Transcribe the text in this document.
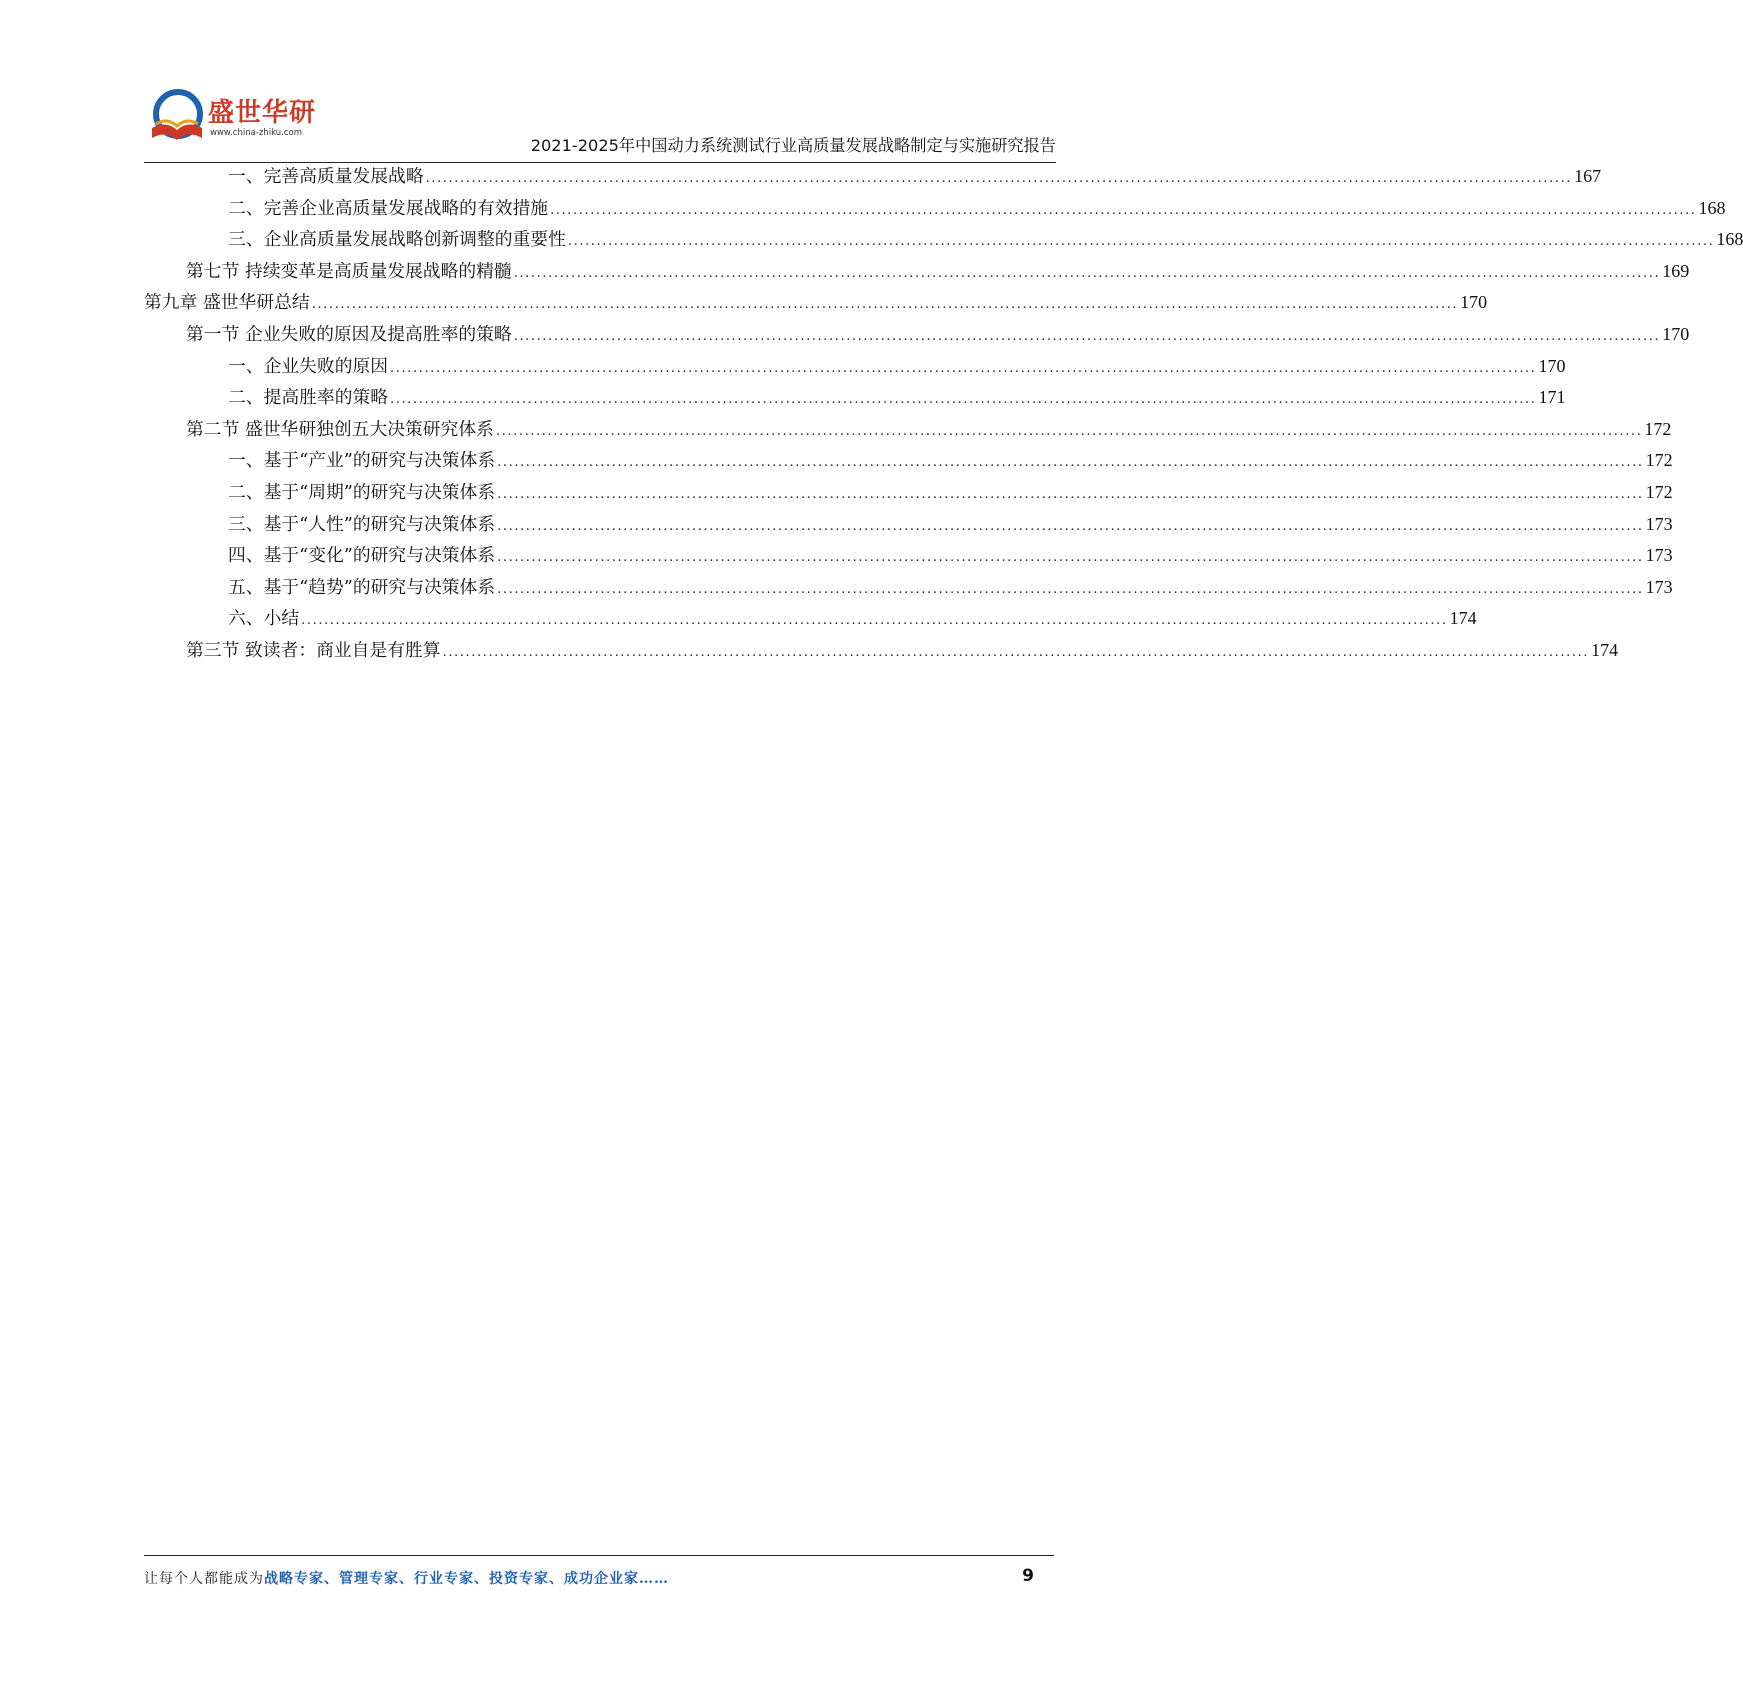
盛世华研
www.china-zhiku.com
2021-2025年中国动力系统测试行业高质量发展战略制定与实施研究报告
一、完善高质量发展战略 ........................................................................................................................................................................................................ 167
二、完善企业高质量发展战略的有效措施 ........................................................................................................................................................................................................ 168
三、企业高质量发展战略创新调整的重要性 ........................................................................................................................................................................................................ 168
第七节 持续变革是高质量发展战略的精髓 ........................................................................................................................................................................................................ 169
第九章 盛世华研总结 ........................................................................................................................................................................................................ 170
第一节 企业失败的原因及提高胜率的策略 ........................................................................................................................................................................................................ 170
一、企业失败的原因 ........................................................................................................................................................................................................ 170
二、提高胜率的策略 ........................................................................................................................................................................................................ 171
第二节 盛世华研独创五大决策研究体系 ........................................................................................................................................................................................................ 172
一、基于“产业”的研究与决策体系 ........................................................................................................................................................................................................ 172
二、基于“周期”的研究与决策体系 ........................................................................................................................................................................................................ 172
三、基于“人性”的研究与决策体系 ........................................................................................................................................................................................................ 173
四、基于“变化”的研究与决策体系 ........................................................................................................................................................................................................ 173
五、基于“趋势”的研究与决策体系 ........................................................................................................................................................................................................ 173
六、小结 ........................................................................................................................................................................................................ 174
第三节 致读者：商业自是有胜算 ........................................................................................................................................................................................................ 174
让每个人都能成为战略专家、管理专家、行业专家、投资专家、成功企业家……	9
